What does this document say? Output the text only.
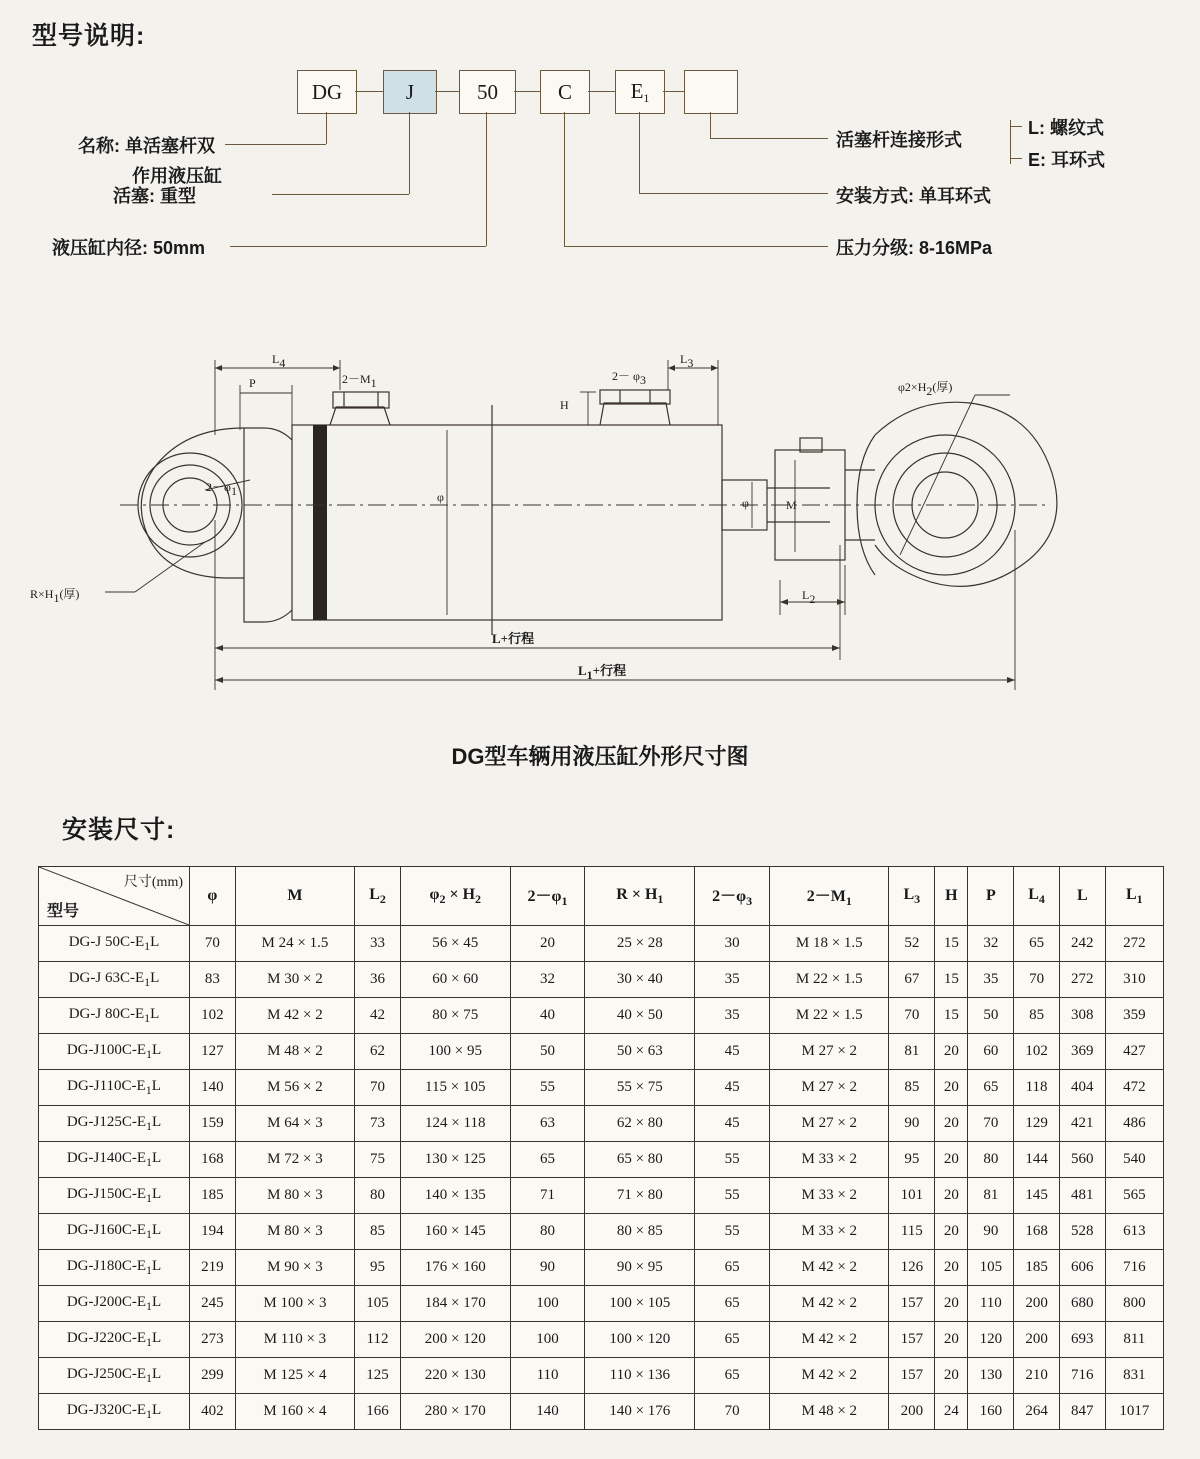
型号说明:
DG	J	50	C	$E_1$
名称: 单活塞杆双
作用液压缸
活塞: 重型
液压缸内径: 50mm
活塞杆连接形式
L: 螺纹式
E: 耳环式
安装方式: 单耳环式
压力分级: 8-16MPa
L4
P	2－M1	2－ φ3
L3
H
φ2×H2(厚)
φ	φ	M
L2
2－φ1
R×H1(厚)
L+行程
L1+行程
DG型车辆用液压缸外形尺寸图
安装尺寸:
尺寸(mm)
型号	φ	M	$L_2$	$\varphi_2 \times H_2$	$2-\varphi_1$	$R \times H_1$	$2-\varphi_3$	$2-M_1$	$L_3$	H	P	$L_4$	L	$L_1$
DG-J $50C-E_1L$	70	M 24 × 1.5	33	56 × 45	20	25 × 28	30	M 18 × 1.5	52	15	32	65	242	272
DG-J $63C-E_1L$	83	M 30 × 2	36	60 × 60	32	30 × 40	35	M 22 × 1.5	67	15	35	70	272	310
DG-J $80C-E_1L$	102	M 42 × 2	42	80 × 75	40	40 × 50	35	M 22 × 1.5	70	15	50	85	308	359
$DG-J100C-E_1L$	127	M 48 × 2	62	100 × 95	50	50 × 63	45	M 27 × 2	81	20	60	102	369	427
$DG-J110C-E_1L$	140	M 56 × 2	70	115 × 105	55	55 × 75	45	M 27 × 2	85	20	65	118	404	472
$DG-J125C-E_1L$	159	M 64 × 3	73	124 × 118	63	62 × 80	45	M 27 × 2	90	20	70	129	421	486
$DG-J140C-E_1L$	168	M 72 × 3	75	130 × 125	65	65 × 80	55	M 33 × 2	95	20	80	144	560	540
$DG-J150C-E_1L$	185	M 80 × 3	80	140 × 135	71	71 × 80	55	M 33 × 2	101	20	81	145	481	565
$DG-J160C-E_1L$	194	M 80 × 3	85	160 × 145	80	80 × 85	55	M 33 × 2	115	20	90	168	528	613
$DG-J180C-E_1L$	219	M 90 × 3	95	176 × 160	90	90 × 95	65	M 42 × 2	126	20	105	185	606	716
$DG-J200C-E_1L$	245	M 100 × 3	105	184 × 170	100	100 × 105	65	M 42 × 2	157	20	110	200	680	800
$DG-J220C-E_1L$	273	M 110 × 3	112	200 × 120	100	100 × 120	65	M 42 × 2	157	20	120	200	693	811
$DG-J250C-E_1L$	299	M 125 × 4	125	220 × 130	110	110 × 136	65	M 42 × 2	157	20	130	210	716	831
$DG-J320C-E_1L$	402	M 160 × 4	166	280 × 170	140	140 × 176	70	M 48 × 2	200	24	160	264	847	1017
